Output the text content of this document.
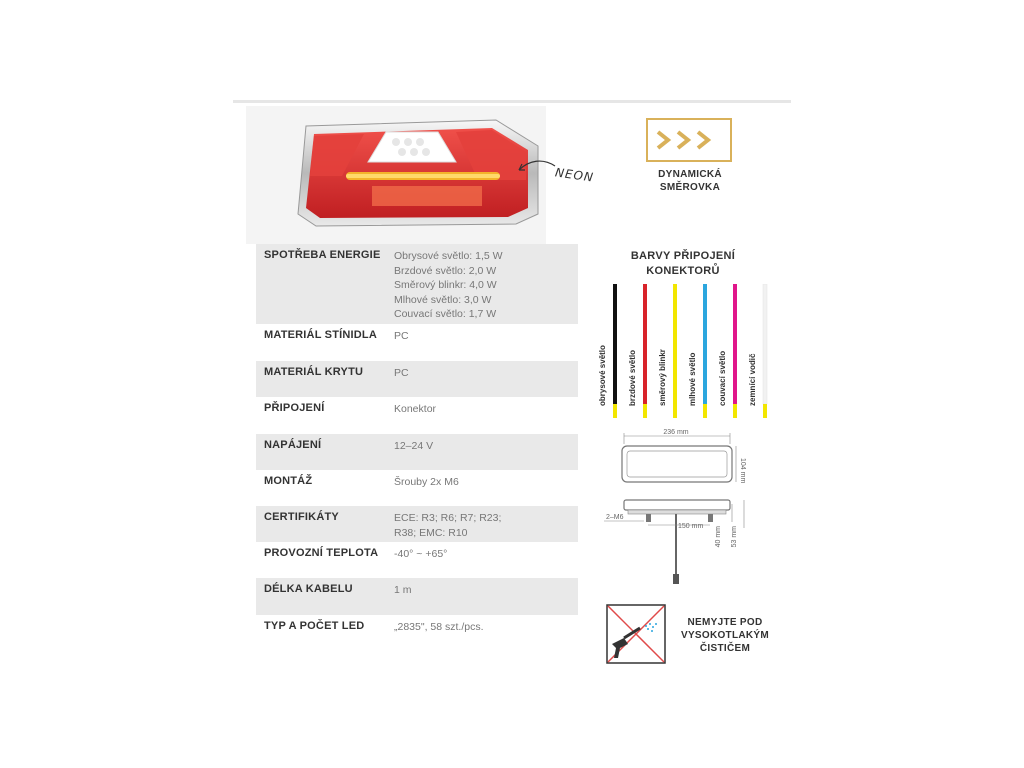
NEON	DYNAMICKÁ
SMĚROVKA
SPOTŘEBA ENERGIE	Obrysové světlo: 1,5 W
Brzdové světlo: 2,0 W
Směrový blinkr: 4,0 W
Mlhové světlo: 3,0 W
Couvací světlo: 1,7 W
MATERIÁL STÍNIDLA	PC
MATERIÁL KRYTU	PC
PŘIPOJENÍ	Konektor
NAPÁJENÍ	12–24 V
MONTÁŽ	Šrouby 2x M6
CERTIFIKÁTY	ECE: R3; R6; R7; R23;
R38; EMC: R10
PROVOZNÍ TEPLOTA	-40° ~ +65°
DÉLKA KABELU	1 m
TYP A POČET LED	„2835", 58 szt./pcs.
BARVY PŘIPOJENÍ
KONEKTORŮ
obrysové světlo	brzdové světlo	směrový blinkr	mlhové světlo	couvací světlo	zemnící vodič
236 mm
104 mm
2–M6
150 mm 40 mm 53 mm
NEMYJTE POD
VYSOKOTLAKÝM
ČISTIČEM
